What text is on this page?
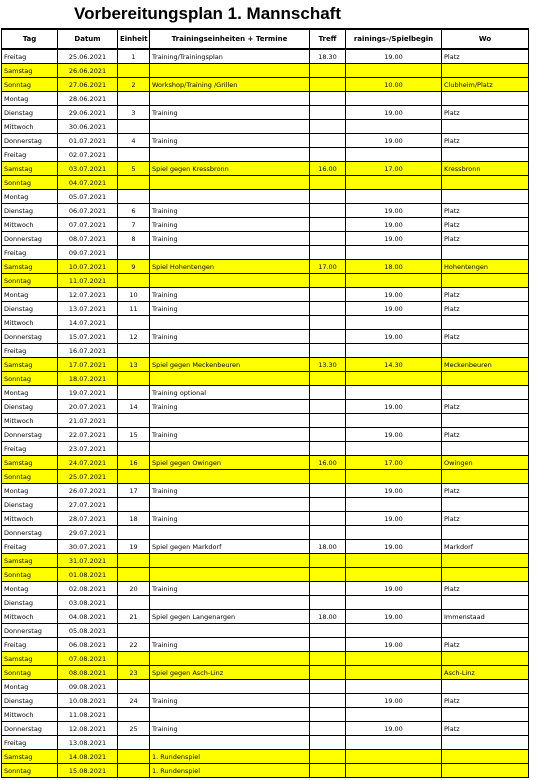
Vorbereitungsplan 1. Mannschaft
Tag	Datum	Einheit	Trainingseinheiten + Termine	Treff	rainings-/Spielbegin	Wo
Freitag	25.06.2021	1	Training/Trainingsplan	18.30	19.00	Platz
Samstag	26.06.2021					
Sonntag	27.06.2021	2	Workshop/Training /Grillen		10.00	Clubheim/Platz
Montag	28.06.2021					
Dienstag	29.06.2021	3	Training		19.00	Platz
Mittwoch	30.06.2021					
Donnerstag	01.07.2021	4	Training		19.00	Platz
Freitag	02.07.2021					
Samstag	03.07.2021	5	Spiel gegen Kressbronn	16.00	17.00	Kressbronn
Sonntag	04.07.2021					
Montag	05.07.2021					
Dienstag	06.07.2021	6	Training		19.00	Platz
Mittwoch	07.07.2021	7	Training		19.00	Platz
Donnerstag	08.07.2021	8	Training		19.00	Platz
Freitag	09.07.2021					
Samstag	10.07.2021	9	Spiel Hohentengen	17.00	18.00	Hohentengen
Sonntag	11.07.2021					
Montag	12.07.2021	10	Training		19.00	Platz
Dienstag	13.07.2021	11	Training		19.00	Platz
Mittwoch	14.07.2021					
Donnerstag	15.07.2021	12	Training		19.00	Platz
Freitag	16.07.2021					
Samstag	17.07.2021	13	Spiel gegen Meckenbeuren	13.30	14.30	Meckenbeuren
Sonntag	18.07.2021					
Montag	19.07.2021		Training optional			
Dienstag	20.07.2021	14	Training		19.00	Platz
Mittwoch	21.07.2021					
Donnerstag	22.07.2021	15	Training		19.00	Platz
Freitag	23.07.2021					
Samstag	24.07.2021	16	Spiel gegen Owingen	16.00	17.00	Owingen
Sonntag	25.07.2021					
Montag	26.07.2021	17	Training		19.00	Platz
Dienstag	27.07.2021					
Mittwoch	28.07.2021	18	Training		19.00	Platz
Donnerstag	29.07.2021					
Freitag	30.07.2021	19	Spiel gegen Markdorf	18.00	19.00	Markdorf
Samstag	31.07.2021					
Sonntag	01.08.2021					
Montag	02.08.2021	20	Training		19.00	Platz
Dienstag	03.08.2021					
Mittwoch	04.08.2021	21	Spiel gegen Langenargen	18.00	19.00	Immenstaad
Donnerstag	05.08.2021					
Freitag	06.08.2021	22	Training		19.00	Platz
Samstag	07.08.2021					
Sonntag	08.08.2021	23	Spiel gegen Asch-Linz			Asch-Linz
Montag	09.08.2021					
Dienstag	10.08.2021	24	Training		19.00	Platz
Mittwoch	11.08.2021					
Donnerstag	12.08.2021	25	Training		19.00	Platz
Freitag	13.08.2021					
Samstag	14.08.2021		1. Rundenspiel			
Sonntag	15.08.2021		1. Rundenspiel			
